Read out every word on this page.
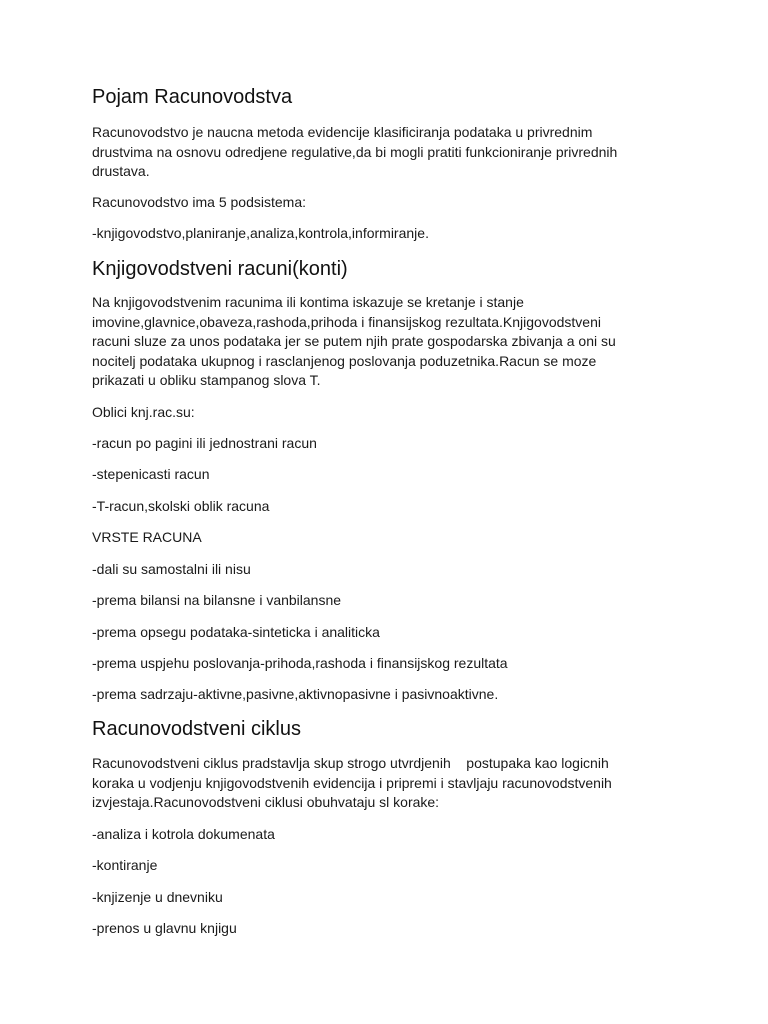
Pojam Racunovodstva

Racunovodstvo je naucna metoda evidencije klasificiranja podataka u privrednim
drustvima na osnovu odredjene regulative,da bi mogli pratiti funkcioniranje privrednih
drustava.

Racunovodstvo ima 5 podsistema:

-knjigovodstvo,planiranje,analiza,kontrola,informiranje.

Knjigovodstveni racuni(konti)

Na knjigovodstvenim racunima ili kontima iskazuje se kretanje i stanje
imovine,glavnice,obaveza,rashoda,prihoda i finansijskog rezultata.Knjigovodstveni
racuni sluze za unos podataka jer se putem njih prate gospodarska zbivanja a oni su
nocitelj podataka ukupnog i rasclanjenog poslovanja poduzetnika.Racun se moze
prikazati u obliku stampanog slova T.

Oblici knj.rac.su:

-racun po pagini ili jednostrani racun

-stepenicasti racun

-T-racun,skolski oblik racuna

VRSTE RACUNA

-dali su samostalni ili nisu

-prema bilansi na bilansne i vanbilansne

-prema opsegu podataka-sinteticka i analiticka

-prema uspjehu poslovanja-prihoda,rashoda i finansijskog rezultata

-prema sadrzaju-aktivne,pasivne,aktivnopasivne i pasivnoaktivne.

Racunovodstveni ciklus

Racunovodstveni ciklus pradstavlja skup strogo utvrdjenih    postupaka kao logicnih
koraka u vodjenju knjigovodstvenih evidencija i pripremi i stavljaju racunovodstvenih
izvjestaja.Racunovodstveni ciklusi obuhvataju sl korake:

-analiza i kotrola dokumenata

-kontiranje

-knjizenje u dnevniku

-prenos u glavnu knjigu
